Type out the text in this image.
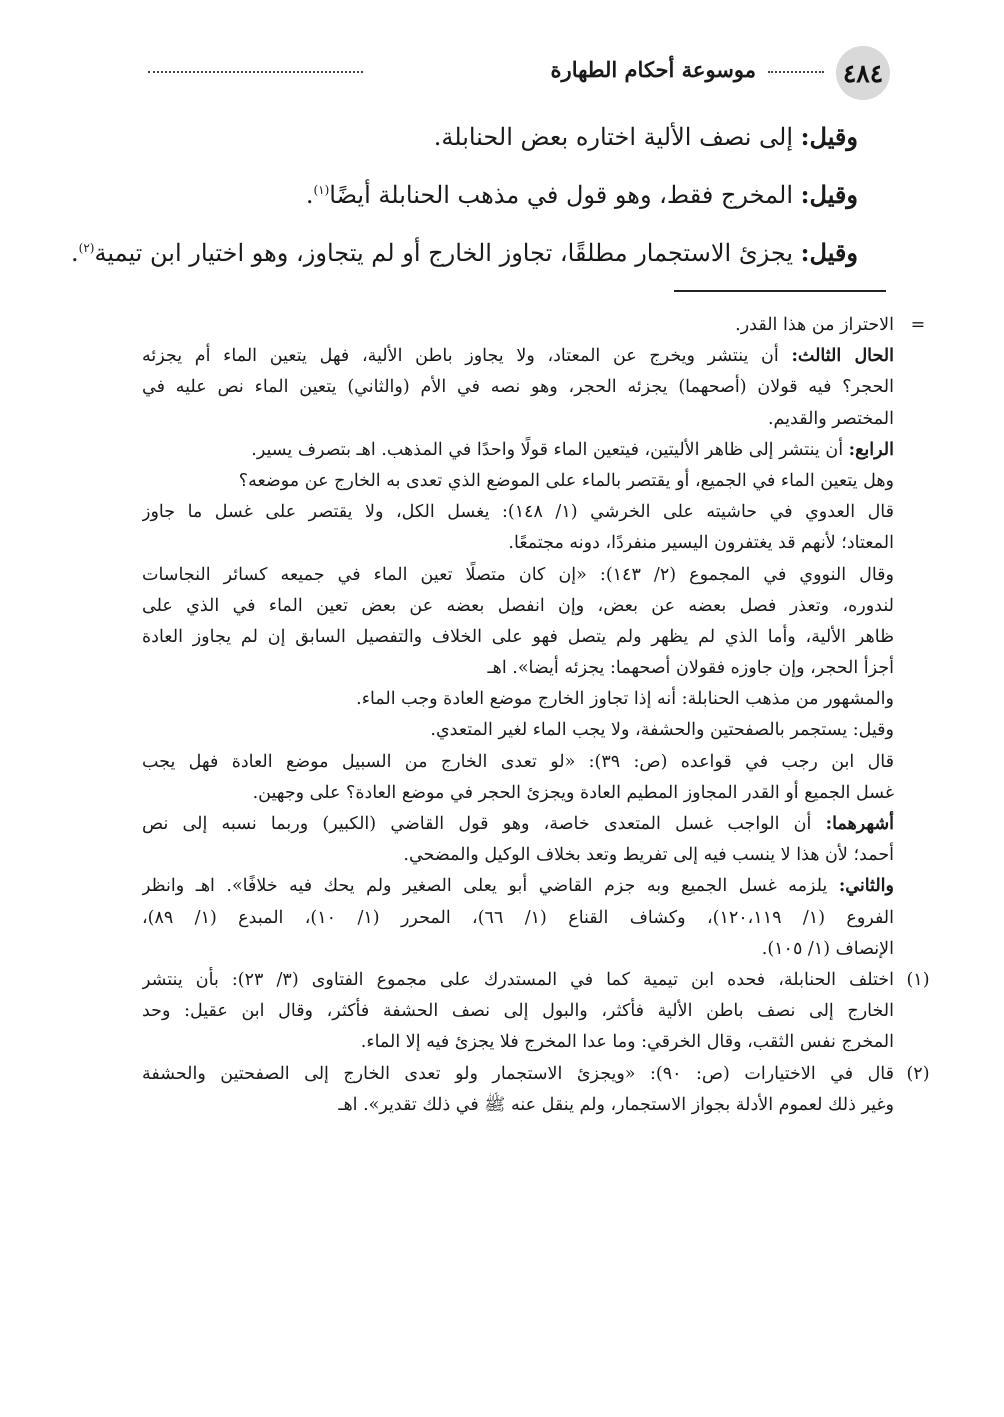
٤٨٤
موسوعة أحكام الطهارة
وقيل: إلى نصف الألية اختاره بعض الحنابلة.
وقيل: المخرج فقط، وهو قول في مذهب الحنابلة أيضًا$^{(١)}$.
وقيل: يجزئ الاستجمار مطلقًا، تجاوز الخارج أو لم يتجاوز، وهو اختيار ابن تيمية$^{(٢)}$.
=
الاحتراز من هذا القدر.
الحال الثالث: أن ينتشر ويخرج عن المعتاد، ولا يجاوز باطن الألية، فهل يتعين الماء أم يجزئه
الحجر؟ فيه قولان (أصحهما) يجزئه الحجر، وهو نصه في الأم (والثاني) يتعين الماء نص عليه في
المختصر والقديم.
الرابع: أن ينتشر إلى ظاهر الأليتين، فيتعين الماء قولًا واحدًا في المذهب. اهـ بتصرف يسير.
وهل يتعين الماء في الجميع، أو يقتصر بالماء على الموضع الذي تعدى به الخارج عن موضعه؟
قال العدوي في حاشيته على الخرشي (١/ ١٤٨): يغسل الكل، ولا يقتصر على غسل ما جاوز
المعتاد؛ لأنهم قد يغتفرون اليسير منفردًا، دونه مجتمعًا.
وقال النووي في المجموع (٢/ ١٤٣): «إن كان متصلًا تعين الماء في جميعه كسائر النجاسات
لندوره، وتعذر فصل بعضه عن بعض، وإن انفصل بعضه عن بعض تعين الماء في الذي على
ظاهر الألية، وأما الذي لم يظهر ولم يتصل فهو على الخلاف والتفصيل السابق إن لم يجاوز العادة
أجزأ الحجر، وإن جاوزه فقولان أصحهما: يجزئه أيضا». اهـ
والمشهور من مذهب الحنابلة: أنه إذا تجاوز الخارج موضع العادة وجب الماء.
وقيل: يستجمر بالصفحتين والحشفة، ولا يجب الماء لغير المتعدي.
قال ابن رجب في قواعده (ص: ٣٩): «لو تعدى الخارج من السبيل موضع العادة فهل يجب
غسل الجميع أو القدر المجاوز المطيم العادة ويجزئ الحجر في موضع العادة؟ على وجهين.
أشهرهما: أن الواجب غسل المتعدى خاصة، وهو قول القاضي (الكبير) وربما نسبه إلى نص
أحمد؛ لأن هذا لا ينسب فيه إلى تفريط وتعد بخلاف الوكيل والمضحي.
والثاني: يلزمه غسل الجميع وبه جزم القاضي أبو يعلى الصغير ولم يحك فيه خلافًا». اهـ وانظر
الفروع (١/ ١٢٠،١١٩)، وكشاف القناع (١/ ٦٦)، المحرر (١/ ١٠)، المبدع (١/ ٨٩)،
الإنصاف (١/ ١٠٥).
(١)
اختلف الحنابلة، فحده ابن تيمية كما في المستدرك على مجموع الفتاوى (٣/ ٢٣): بأن ينتشر
الخارج إلى نصف باطن الألية فأكثر، والبول إلى نصف الحشفة فأكثر، وقال ابن عقيل: وحد
المخرج نفس الثقب، وقال الخرقي: وما عدا المخرج فلا يجزئ فيه إلا الماء.
(٢)
قال في الاختيارات (ص: ٩٠): «ويجزئ الاستجمار ولو تعدى الخارج إلى الصفحتين والحشفة
وغير ذلك لعموم الأدلة بجواز الاستجمار، ولم ينقل عنه ﷺ في ذلك تقدير». اهـ
